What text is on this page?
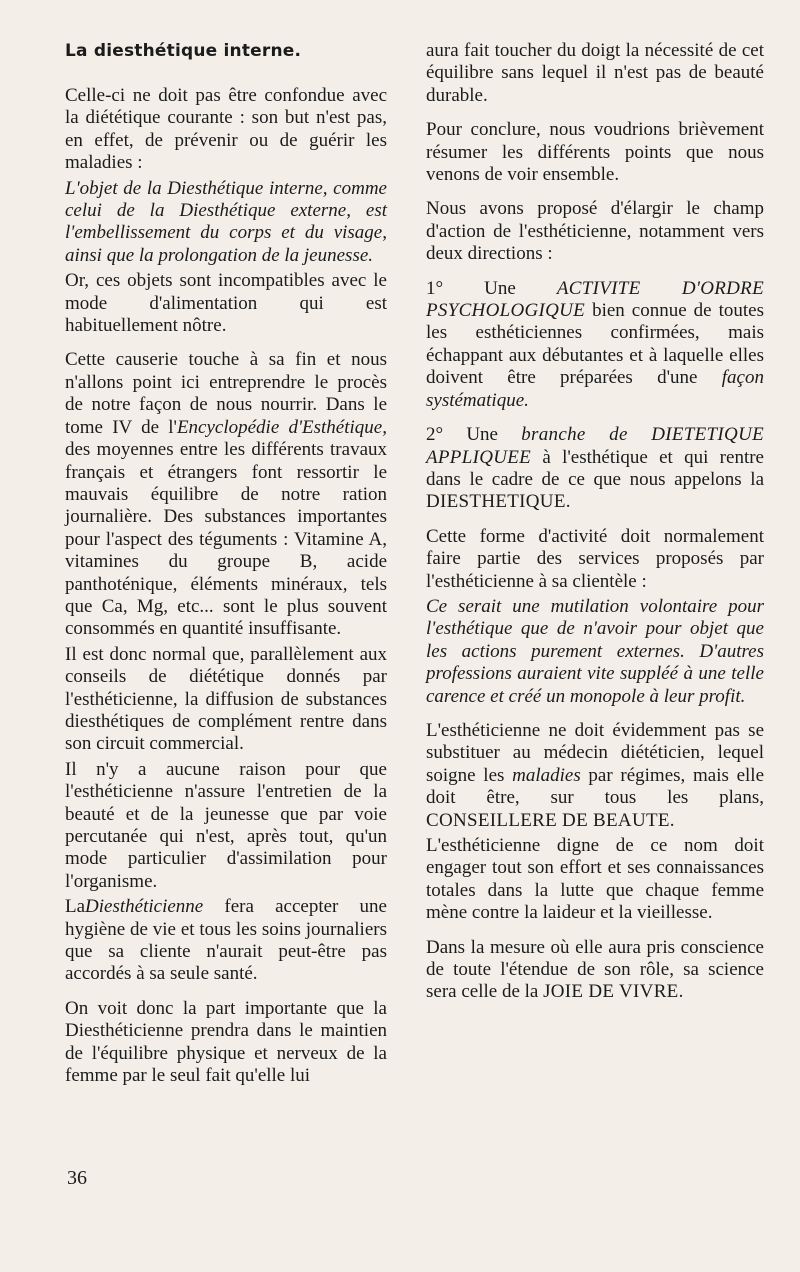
La diesthétique interne.

Celle-ci ne doit pas être confondue avec la diététique courante : son but n'est pas, en effet, de prévenir ou de guérir les maladies :

L'objet de la Diesthétique interne, comme celui de la Diesthétique externe, est l'embellissement du corps et du visage, ainsi que la prolongation de la jeunesse.

Or, ces objets sont incompatibles avec le mode d'alimentation qui est habituellement nôtre.

Cette causerie touche à sa fin et nous n'allons point ici entreprendre le procès de notre façon de nous nourrir. Dans le tome IV de l'Encyclopédie d'Esthétique, des moyennes entre les différents travaux français et étrangers font ressortir le mauvais équilibre de notre ration journalière. Des substances importantes pour l'aspect des téguments : Vitamine A, vitamines du groupe B, acide panthoténique, éléments minéraux, tels que Ca, Mg, etc... sont le plus souvent consommés en quantité insuffisante.

Il est donc normal que, parallèlement aux conseils de diététique donnés par l'esthéticienne, la diffusion de substances diesthétiques de complément rentre dans son circuit commercial.

Il n'y a aucune raison pour que l'esthéticienne n'assure l'entretien de la beauté et de la jeunesse que par voie percutanée qui n'est, après tout, qu'un mode particulier d'assimilation pour l'organisme.

LaDiesthéticienne fera accepter une hygiène de vie et tous les soins journaliers que sa cliente n'aurait peut-être pas accordés à sa seule santé.

On voit donc la part importante que la Diesthéticienne prendra dans le maintien de l'équilibre physique et nerveux de la femme par le seul fait qu'elle lui

aura fait toucher du doigt la nécessité de cet équilibre sans lequel il n'est pas de beauté durable.

Pour conclure, nous voudrions brièvement résumer les différents points que nous venons de voir ensemble.

Nous avons proposé d'élargir le champ d'action de l'esthéticienne, notamment vers deux directions :

1° Une ACTIVITE D'ORDRE PSYCHOLOGIQUE bien connue de toutes les esthéticiennes confirmées, mais échappant aux débutantes et à laquelle elles doivent être préparées d'une façon systématique.

2° Une branche de DIETETIQUE APPLIQUEE à l'esthétique et qui rentre dans le cadre de ce que nous appelons la DIESTHETIQUE.

Cette forme d'activité doit normalement faire partie des services proposés par l'esthéticienne à sa clientèle :

Ce serait une mutilation volontaire pour l'esthétique que de n'avoir pour objet que les actions purement externes. D'autres professions auraient vite suppléé à une telle carence et créé un monopole à leur profit.

L'esthéticienne ne doit évidemment pas se substituer au médecin diététicien, lequel soigne les maladies par régimes, mais elle doit être, sur tous les plans, CONSEILLERE DE BEAUTE.

L'esthéticienne digne de ce nom doit engager tout son effort et ses connaissances totales dans la lutte que chaque femme mène contre la laideur et la vieillesse.

Dans la mesure où elle aura pris conscience de toute l'étendue de son rôle, sa science sera celle de la JOIE DE VIVRE.

36
